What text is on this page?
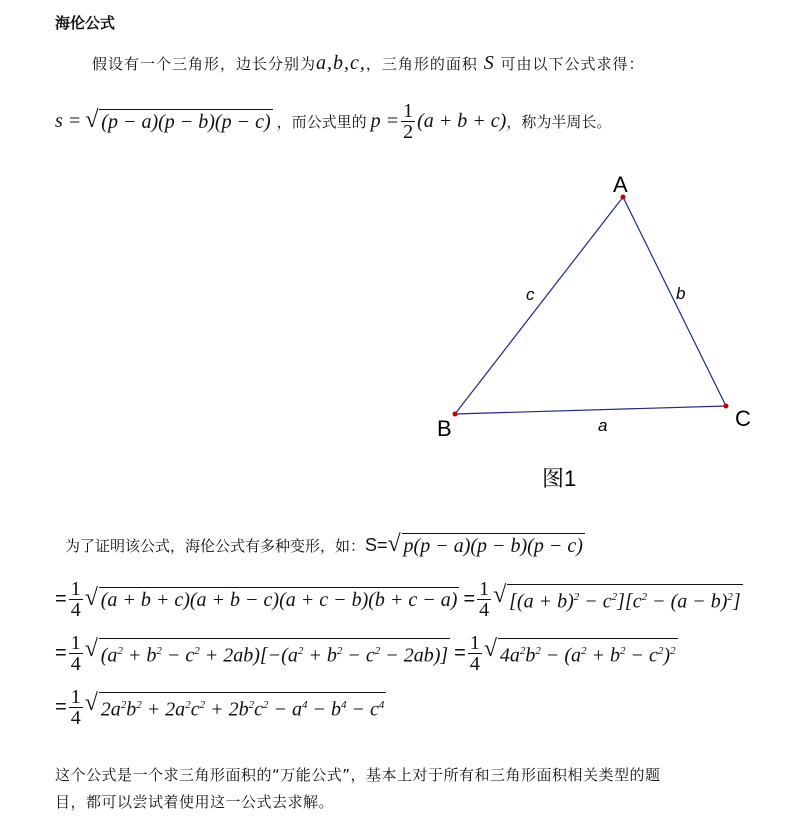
海伦公式
假设有一个三角形，边长分别为a,b,c,，三角形的面积 S 可由以下公式求得：
s = √ (p − a)(p − b)(p − c) ，而公式里的 $p = \frac{1}{2} (a + b + c)$ ，称为半周长。
A
B	C
c	b
a
图1
为了证明该公式，海伦公式有多种变形，如： S= √ p(p − a)(p − b)(p − c)
= $\frac{1}{4}$ √ $(a + b + c)(a + b - c)(a + c - b)(b + c - a) = \frac{1}{4}$ √ $[(a + b)^2 - c^2][c^2 - (a - b)^2]$
= $\frac{1}{4}$ √ $(a^2 + b^2 - c^2 + 2ab)[-(a^2 + b^2 - c^2 - 2ab)] = \frac{1}{4}$ √ $4a^2b^2 - (a^2 + b^2 - c^2)^2$
= $\frac{1}{4}$ √ $2a^2b^2 + 2a^2c^2 + 2b^2c^2 - a^4 - b^4 - c^4$
这个公式是一个求三角形面积的“万能公式”，基本上对于所有和三角形面积相关类型的题
目，都可以尝试着使用这一公式去求解。
